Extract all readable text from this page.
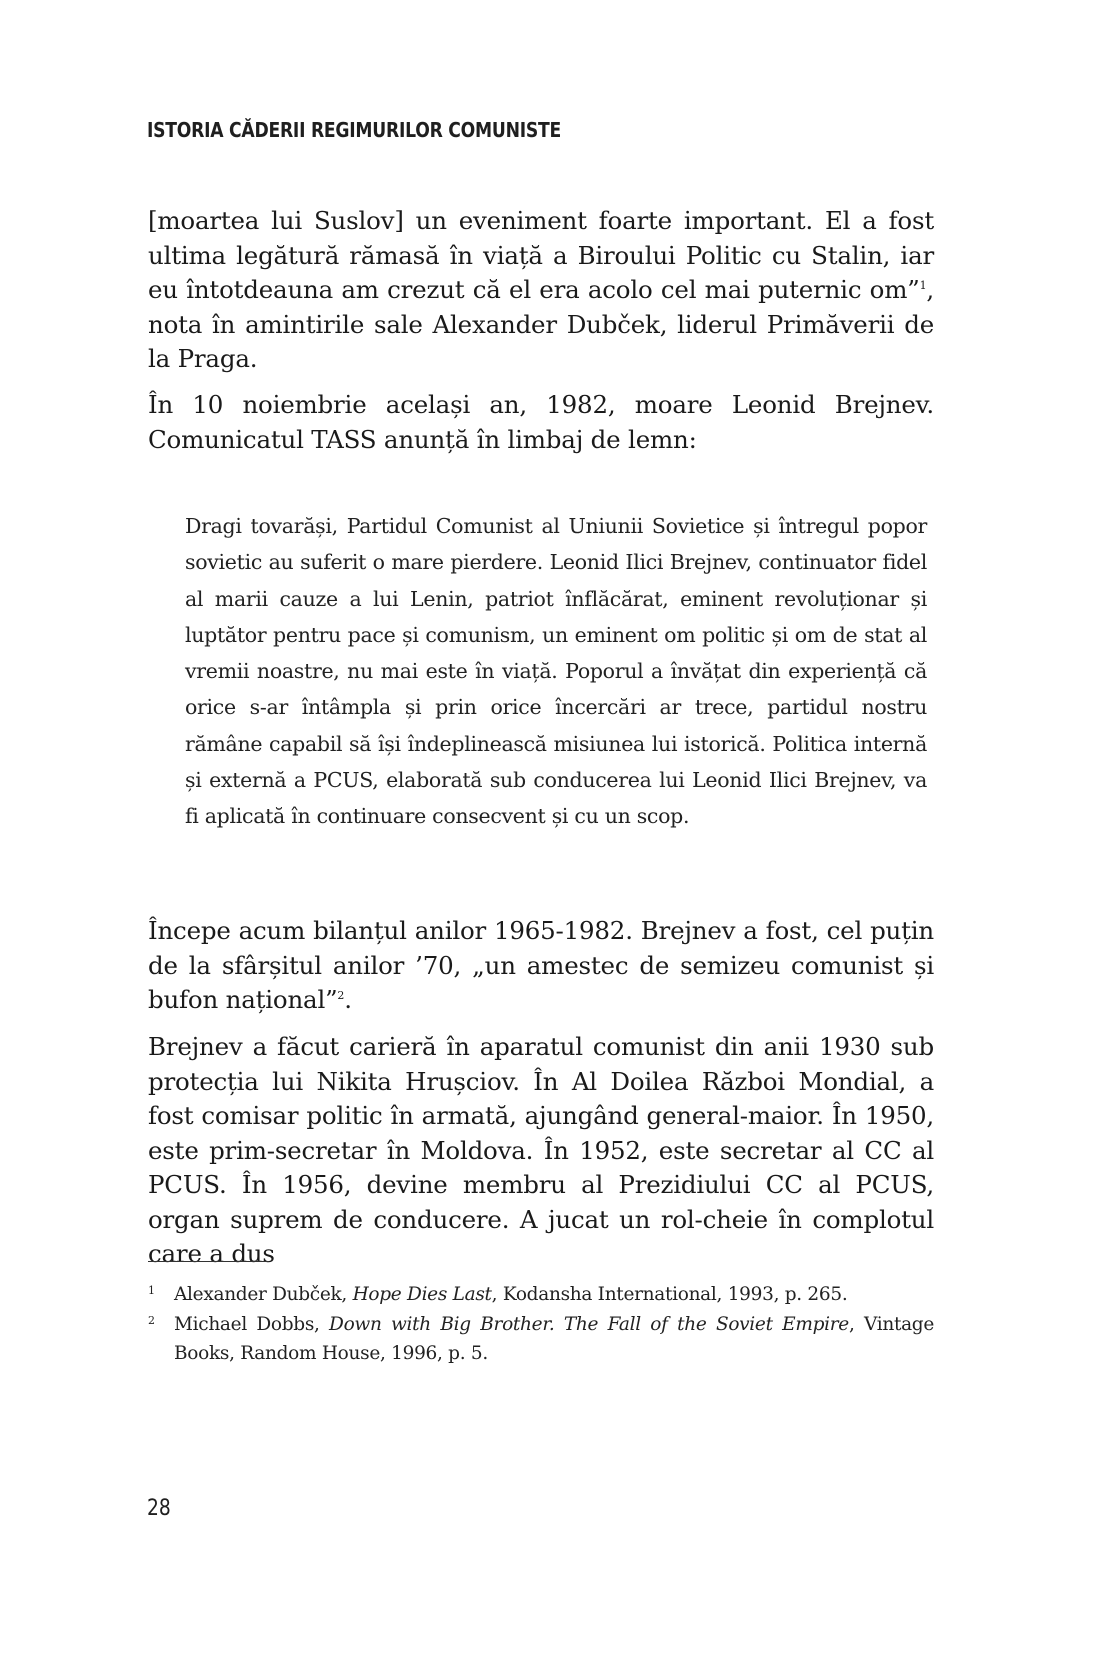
ISTORIA CĂDERII REGIMURILOR COMUNISTE

[moartea lui Suslov] un eveniment foarte important. El a fost ultima legătură rămasă în viață a Biroului Politic cu Stalin, iar eu întotdeauna am crezut că el era acolo cel mai puternic om”$^1$, nota în amintirile sale Alexander Dubček, liderul Primăverii de la Praga.

În 10 noiembrie același an, 1982, moare Leonid Brejnev. Comunicatul TASS anunță în limbaj de lemn:

Dragi tovarăși, Partidul Comunist al Uniunii Sovietice și întregul popor sovietic au suferit o mare pierdere. Leonid Ilici Brejnev, continuator fidel al marii cauze a lui Lenin, patriot înflăcărat, eminent revoluționar și luptător pentru pace și comunism, un eminent om politic și om de stat al vremii noastre, nu mai este în viață. Poporul a învățat din experiență că orice s-ar întâmpla și prin orice încercări ar trece, partidul nostru rămâne capabil să își îndeplinească misiunea lui istorică. Politica internă și externă a PCUS, elaborată sub conducerea lui Leonid Ilici Brejnev, va fi aplicată în continuare consecvent și cu un scop.

Începe acum bilanțul anilor 1965-1982. Brejnev a fost, cel puțin de la sfârșitul anilor ’70, „un amestec de semizeu comunist și bufon național”$^2$.

Brejnev a făcut carieră în aparatul comunist din anii 1930 sub protecția lui Nikita Hrușciov. În Al Doilea Război Mondial, a fost comisar politic în armată, ajungând general-maior. În 1950, este prim-secretar în Moldova. În 1952, este secretar al CC al PCUS. În 1956, devine membru al Prezidiului CC al PCUS, organ suprem de conducere. A jucat un rol-cheie în complotul care a dus

1	Alexander Dubček, Hope Dies Last, Kodansha International, 1993, p. 265.
2	Michael Dobbs, Down with Big Brother. The Fall of the Soviet Empire, Vintage Books, Random House, 1996, p. 5.
28
